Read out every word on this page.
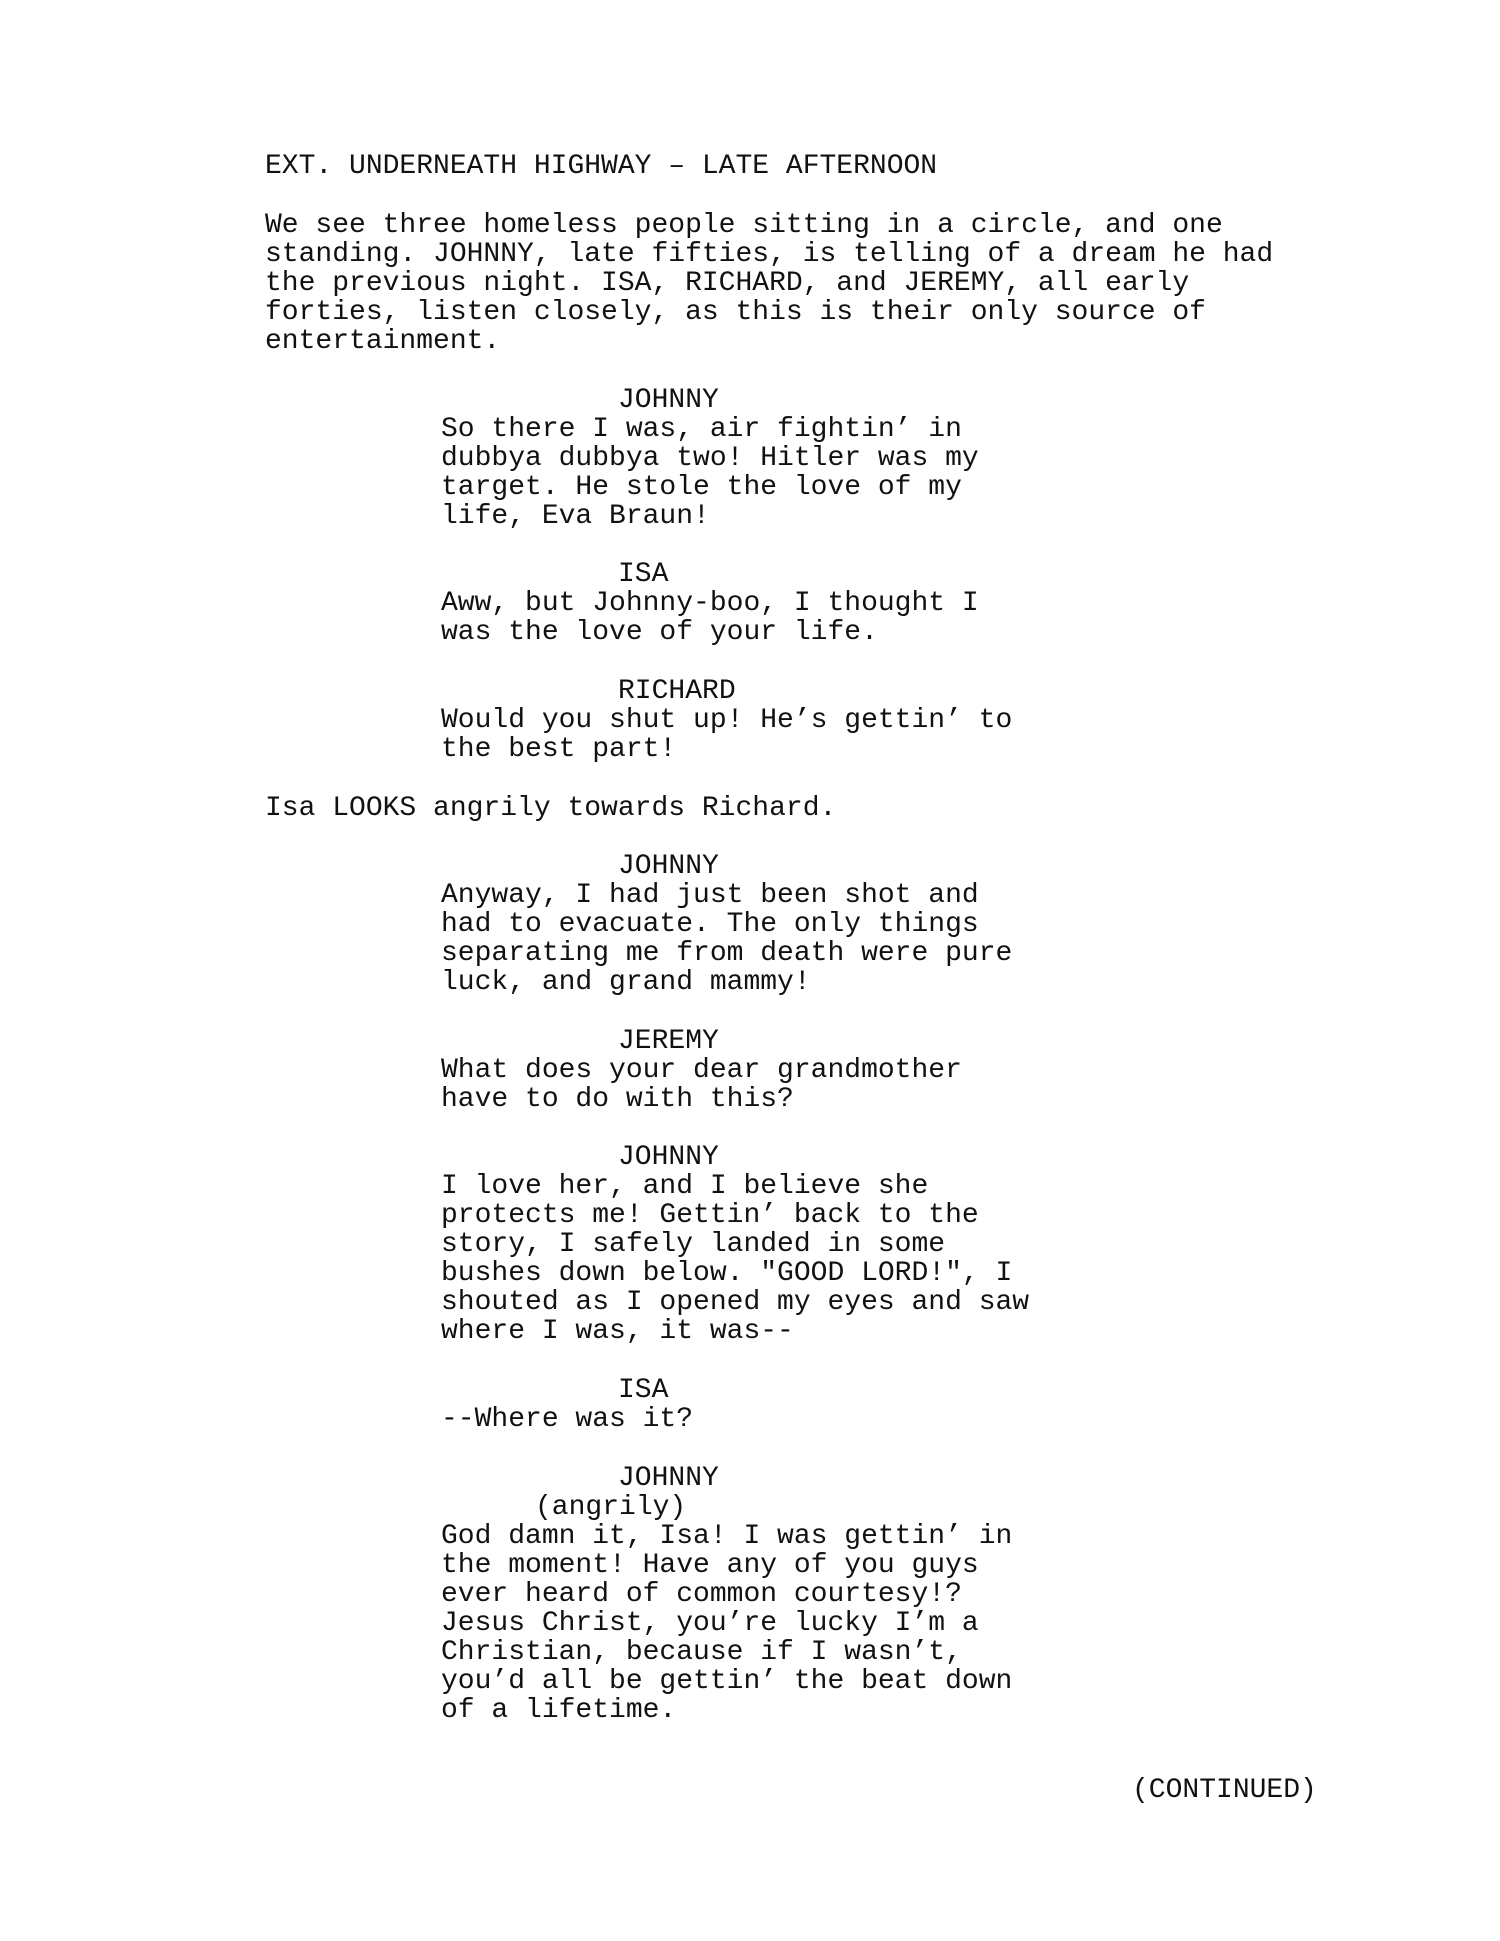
EXT. UNDERNEATH HIGHWAY – LATE AFTERNOON
We see three homeless people sitting in a circle, and one
standing. JOHNNY, late fifties, is telling of a dream he had
the previous night. ISA, RICHARD, and JEREMY, all early
forties, listen closely, as this is their only source of
entertainment.
JOHNNY
So there I was, air fightin’ in
dubbya dubbya two! Hitler was my
target. He stole the love of my
life, Eva Braun!
ISA
Aww, but Johnny-boo, I thought I
was the love of your life.
RICHARD
Would you shut up! He’s gettin’ to
the best part!
Isa LOOKS angrily towards Richard.
JOHNNY
Anyway, I had just been shot and
had to evacuate. The only things
separating me from death were pure
luck, and grand mammy!
JEREMY
What does your dear grandmother
have to do with this?
JOHNNY
I love her, and I believe she
protects me! Gettin’ back to the
story, I safely landed in some
bushes down below. "GOOD LORD!", I
shouted as I opened my eyes and saw
where I was, it was--
ISA
--Where was it?
JOHNNY
(angrily)
God damn it, Isa! I was gettin’ in
the moment! Have any of you guys
ever heard of common courtesy!?
Jesus Christ, you’re lucky I’m a
Christian, because if I wasn’t,
you’d all be gettin’ the beat down
of a lifetime.
(CONTINUED)
